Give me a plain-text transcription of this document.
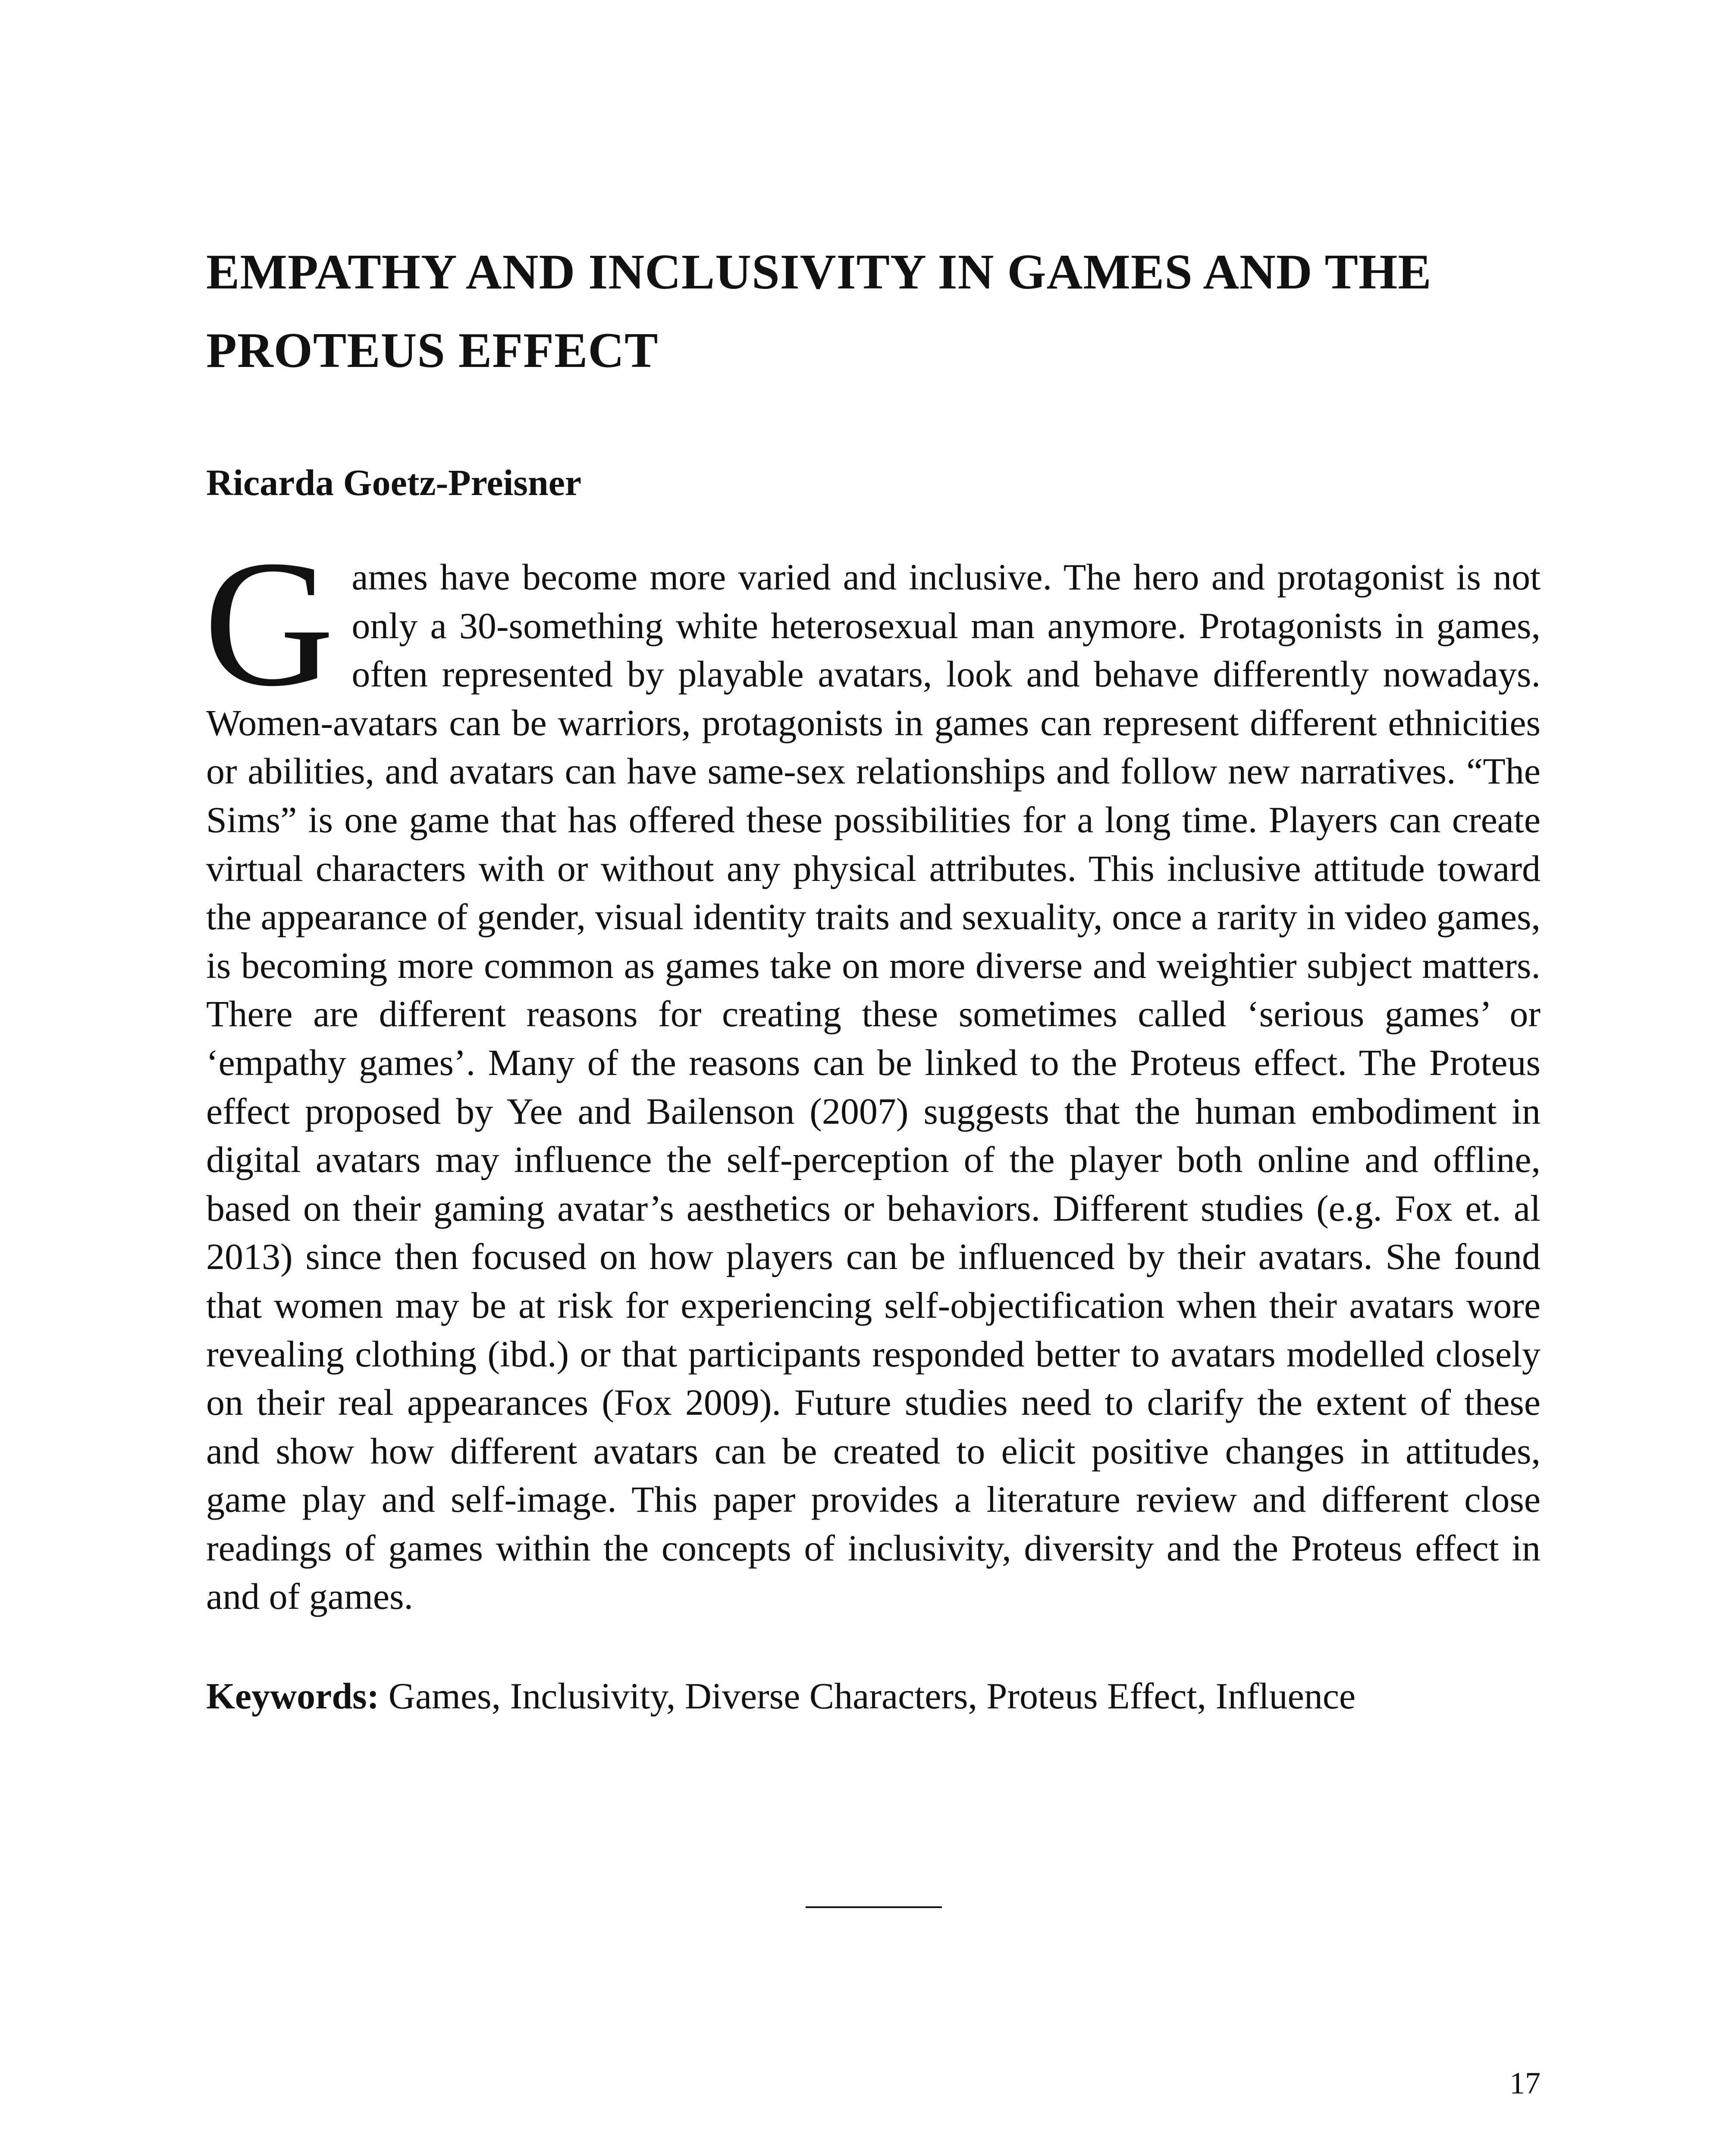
EMPATHY AND INCLUSIVITY IN GAMES AND THE
PROTEUS EFFECT

Ricarda Goetz-Preisner

Games have become more varied and inclusive. The hero and protagonist is not only a 30-something white heterosexual man anymore. Protagonists in games, often represented by playable avatars, look and behave differently nowadays. Women-avatars can be warriors, protagonists in games can represent different ethnicities or abilities, and avatars can have same-sex relationships and follow new narratives. “The Sims” is one game that has offered these possibilities for a long time. Players can create virtual characters with or without any physical attributes. This inclusive attitude toward the appearance of gender, visual identity traits and sexuality, once a rarity in video games, is becoming more common as games take on more diverse and weightier subject matters. There are different reasons for creating these sometimes called ‘serious games’ or ‘empathy games’. Many of the reasons can be linked to the Proteus effect. The Proteus effect proposed by Yee and Bailenson (2007) suggests that the human embodiment in digital avatars may influence the self-perception of the player both online and offline, based on their gaming avatar’s aesthetics or behaviors. Different studies (e.g. Fox et. al 2013) since then focused on how players can be influenced by their avatars. She found that women may be at risk for experiencing self-objectification when their avatars wore revealing clothing (ibd.) or that participants responded better to avatars modelled closely on their real appearances (Fox 2009). Future studies need to clarify the extent of these and show how different avatars can be created to elicit positive changes in attitudes, game play and self-image. This paper provides a literature review and different close readings of games within the concepts of inclusivity, diversity and the Proteus effect in and of games.

Keywords: Games, Inclusivity, Diverse Characters, Proteus Effect, Influence

17
